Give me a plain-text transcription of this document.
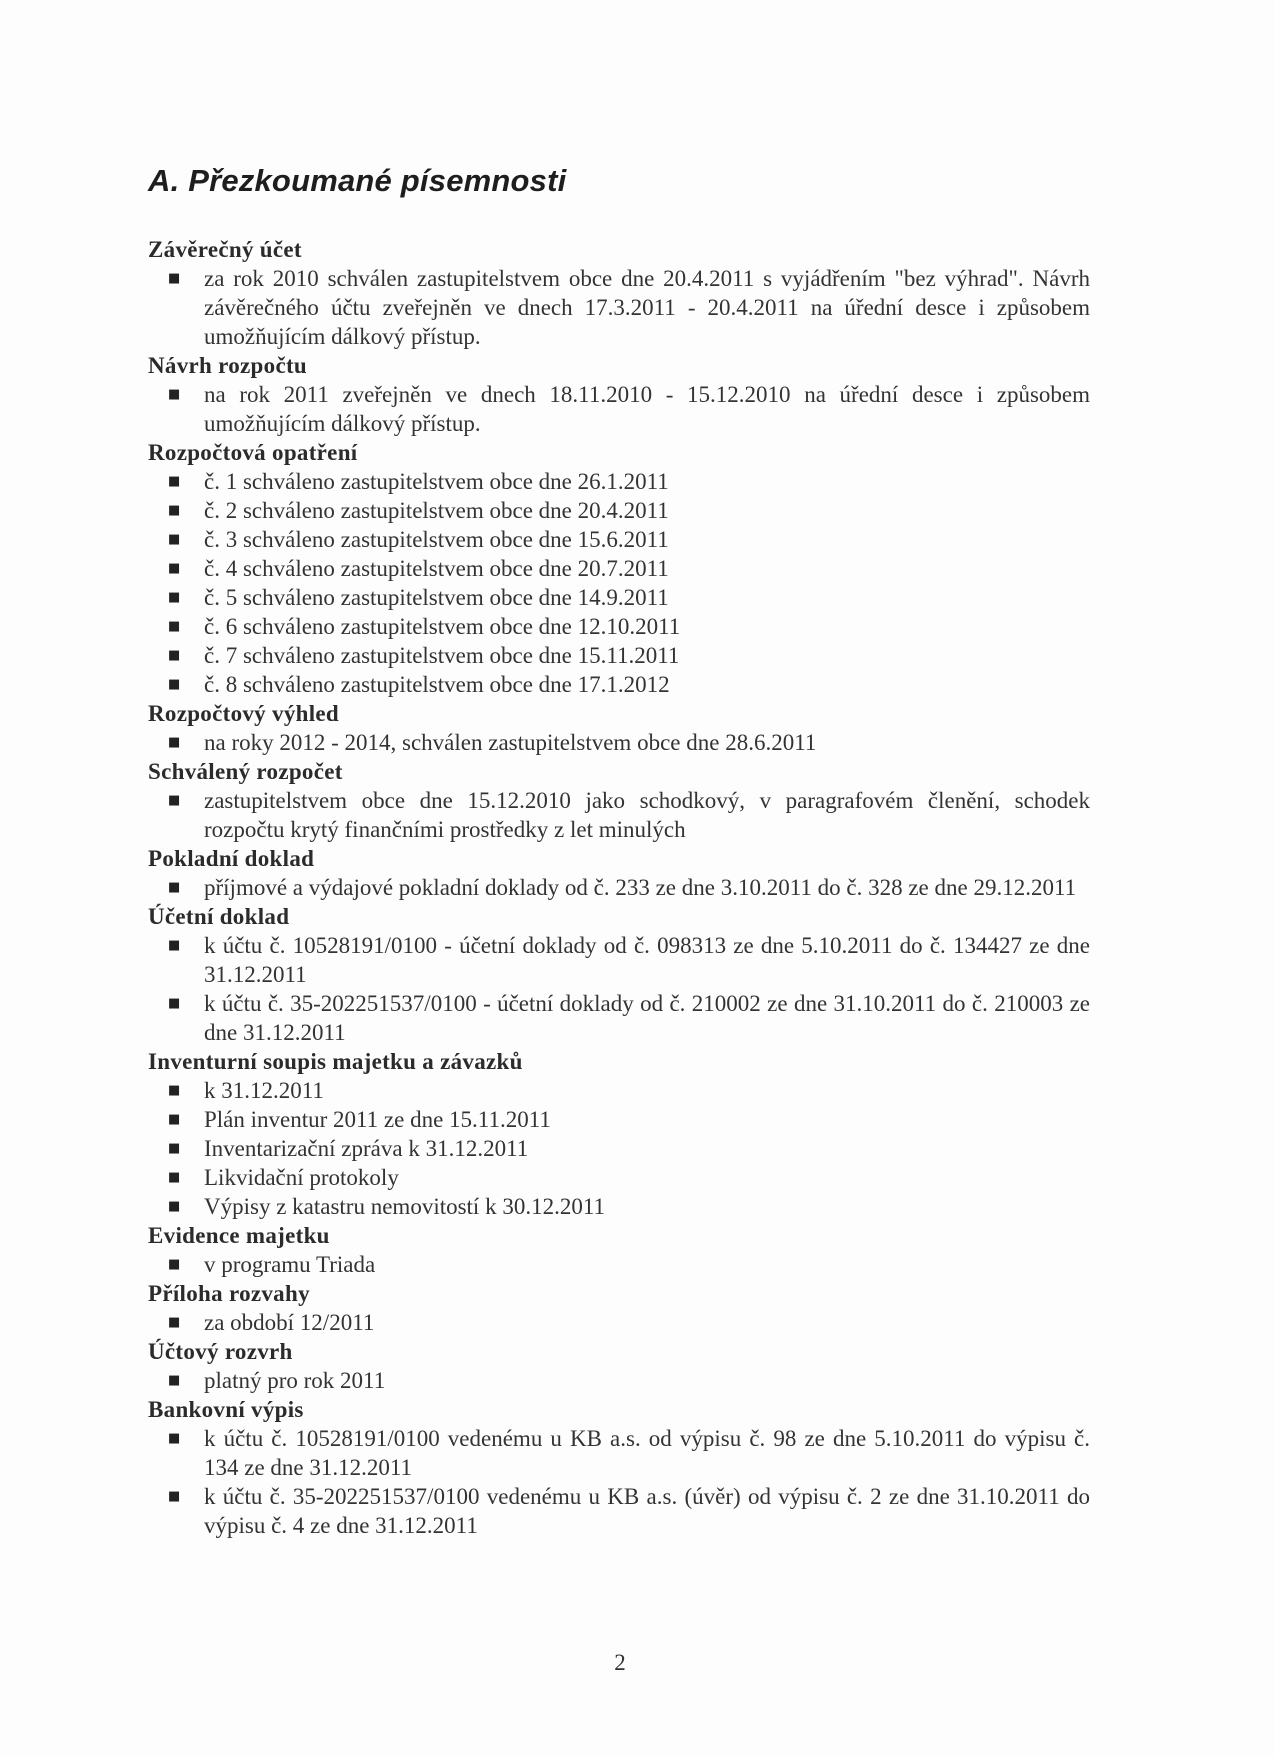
A. Přezkoumané písemnosti

Závěrečný účet

■ za rok 2010 schválen zastupitelstvem obce dne 20.4.2011 s vyjádřením "bez výhrad". Návrh závěrečného účtu zveřejněn ve dnech 17.3.2011 - 20.4.2011 na úřední desce i způsobem umožňujícím dálkový přístup.

Návrh rozpočtu

■ na rok 2011 zveřejněn ve dnech 18.11.2010 - 15.12.2010 na úřední desce i způsobem umožňujícím dálkový přístup.

Rozpočtová opatření

■ č. 1 schváleno zastupitelstvem obce dne 26.1.2011
■ č. 2 schváleno zastupitelstvem obce dne 20.4.2011
■ č. 3 schváleno zastupitelstvem obce dne 15.6.2011
■ č. 4 schváleno zastupitelstvem obce dne 20.7.2011
■ č. 5 schváleno zastupitelstvem obce dne 14.9.2011
■ č. 6 schváleno zastupitelstvem obce dne 12.10.2011
■ č. 7 schváleno zastupitelstvem obce dne 15.11.2011
■ č. 8 schváleno zastupitelstvem obce dne 17.1.2012

Rozpočtový výhled

■ na roky 2012 - 2014, schválen zastupitelstvem obce dne 28.6.2011

Schválený rozpočet

■ zastupitelstvem obce dne 15.12.2010 jako schodkový, v paragrafovém členění, schodek rozpočtu krytý finančními prostředky z let minulých

Pokladní doklad

■ příjmové a výdajové pokladní doklady od č. 233 ze dne 3.10.2011 do č. 328 ze dne 29.12.2011

Účetní doklad

■ k účtu č. 10528191/0100 - účetní doklady od č. 098313 ze dne 5.10.2011 do č. 134427 ze dne 31.12.2011
■ k účtu č. 35-202251537/0100 - účetní doklady od č. 210002 ze dne 31.10.2011 do č. 210003 ze dne 31.12.2011

Inventurní soupis majetku a závazků

■ k 31.12.2011
■ Plán inventur 2011 ze dne 15.11.2011
■ Inventarizační zpráva k 31.12.2011
■ Likvidační protokoly
■ Výpisy z katastru nemovitostí k 30.12.2011

Evidence majetku

■ v programu Triada

Příloha rozvahy

■ za období 12/2011

Účtový rozvrh

■ platný pro rok 2011

Bankovní výpis

■ k účtu č. 10528191/0100 vedenému u KB a.s. od výpisu č. 98 ze dne 5.10.2011 do výpisu č. 134 ze dne 31.12.2011
■ k účtu č. 35-202251537/0100 vedenému u KB a.s. (úvěr) od výpisu č. 2 ze dne 31.10.2011 do výpisu č. 4 ze dne 31.12.2011
2
